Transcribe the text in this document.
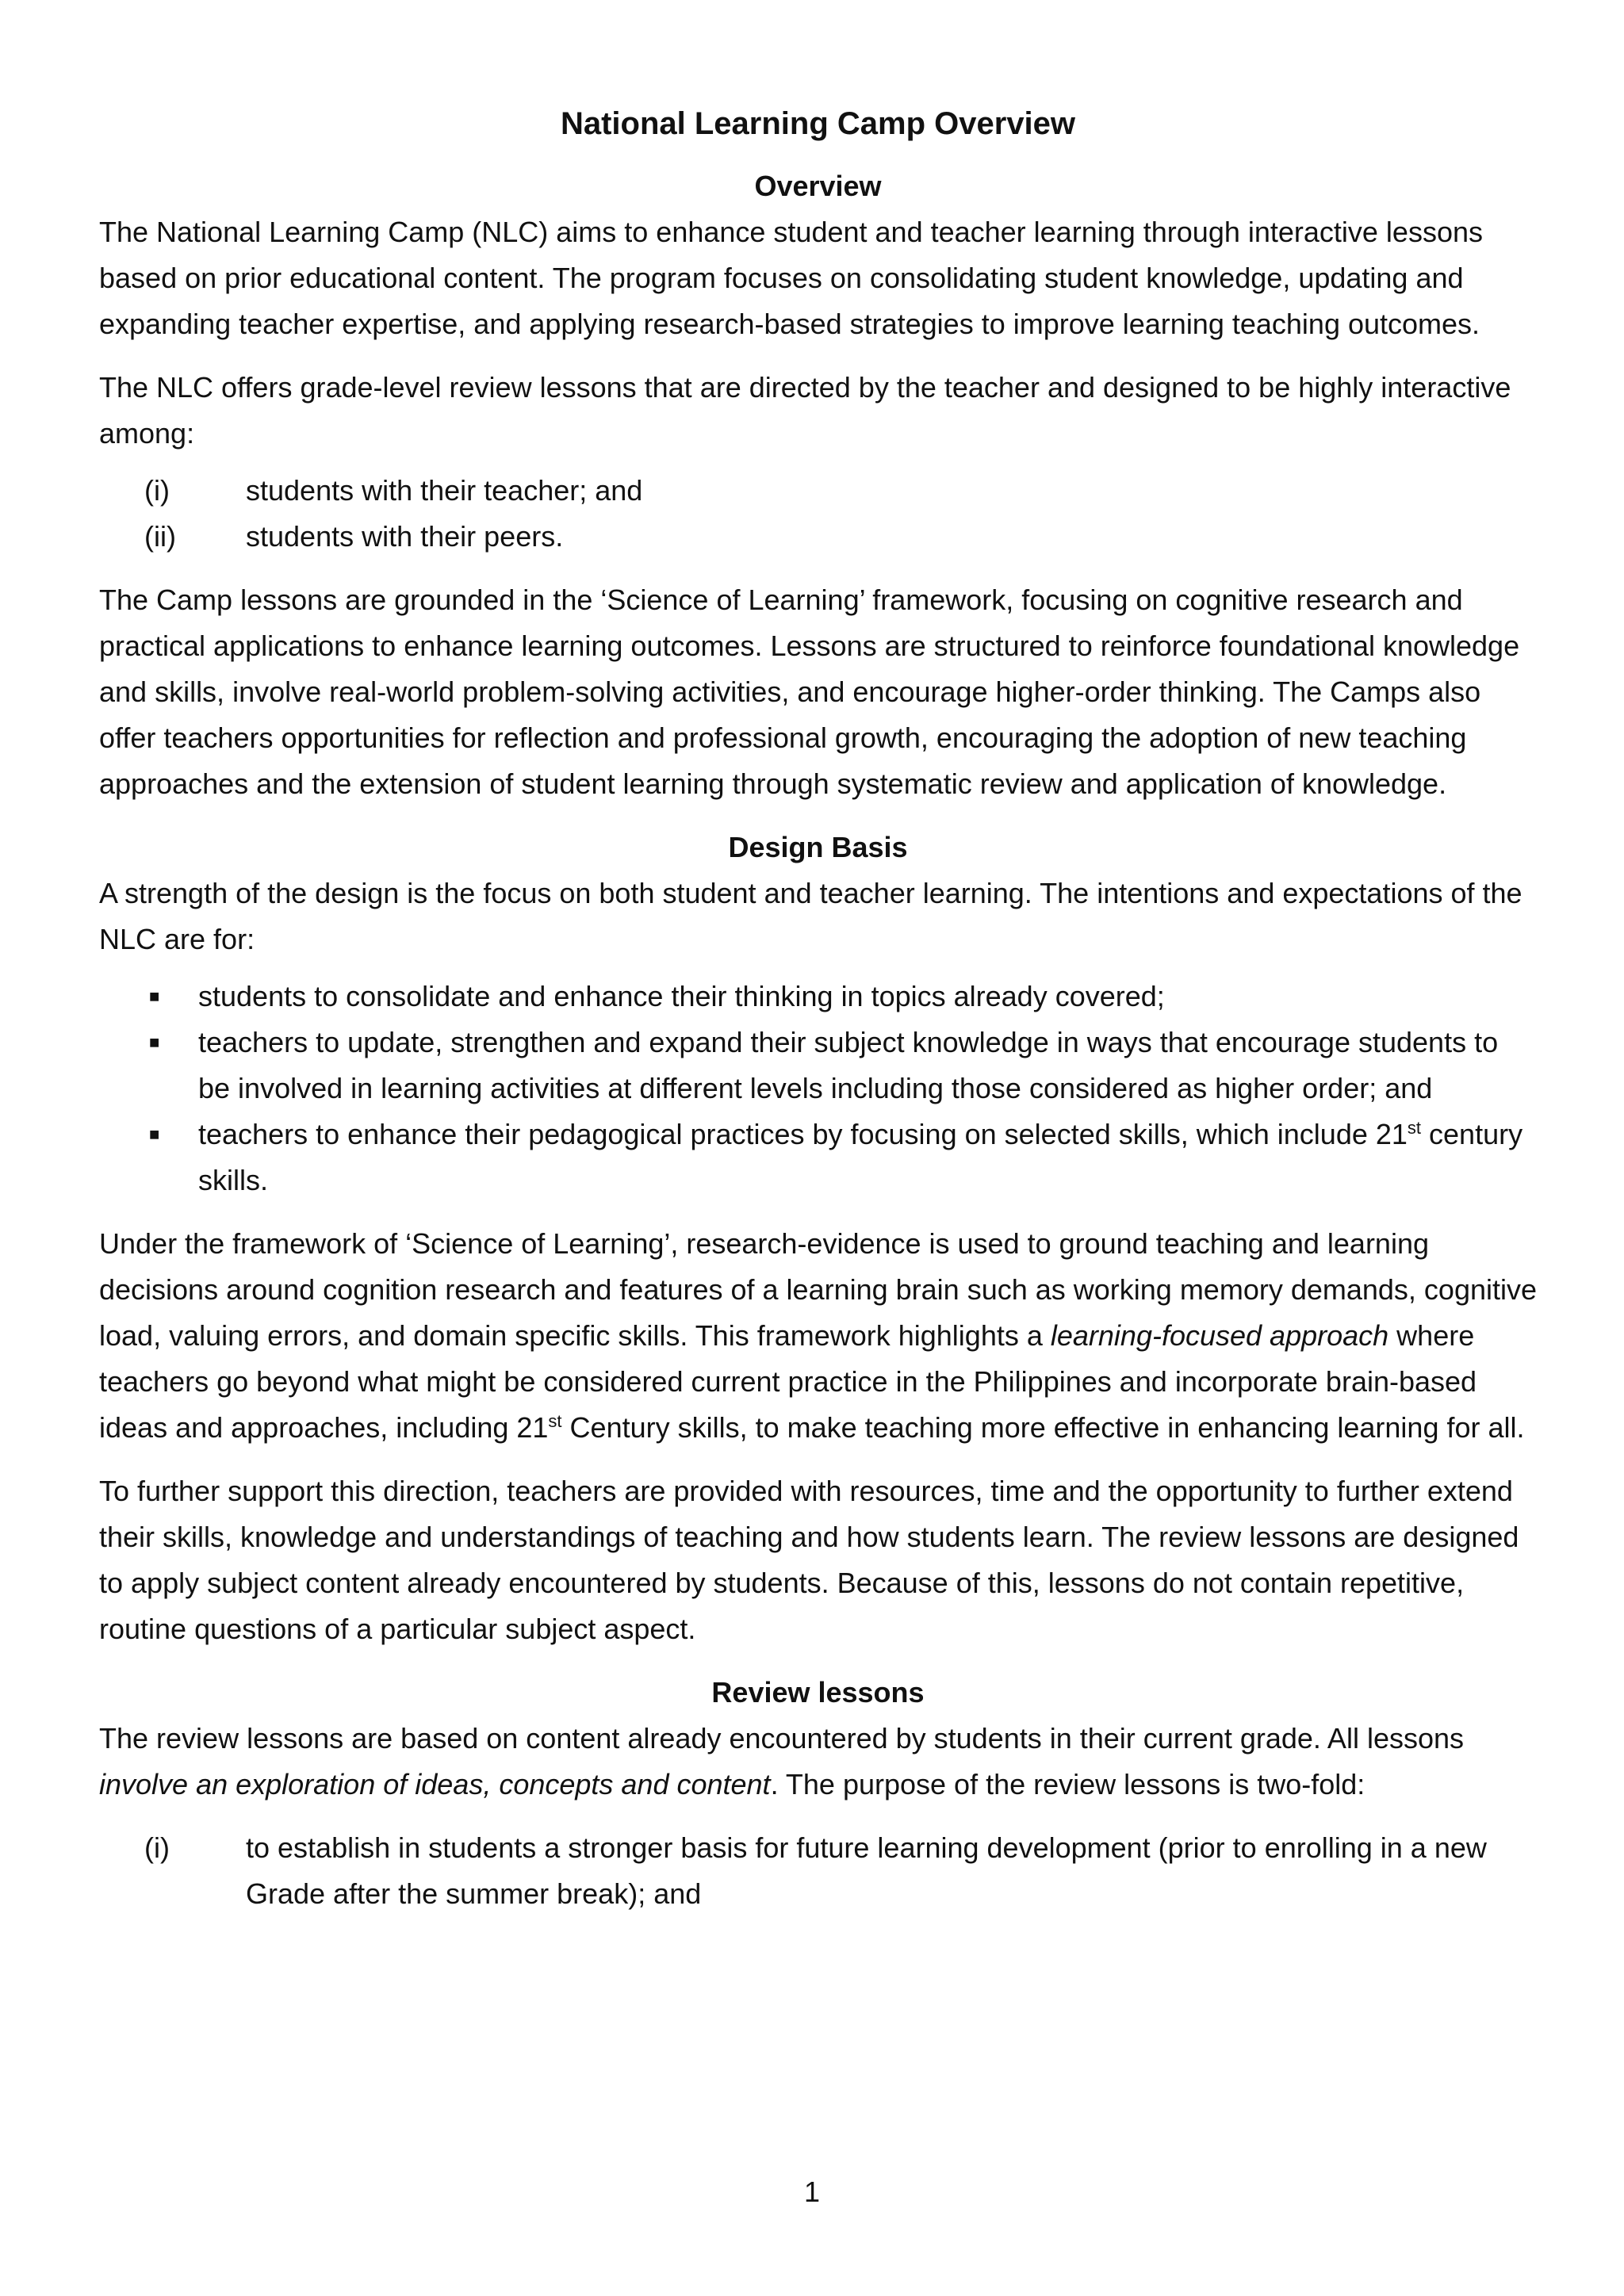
National Learning Camp Overview
Overview

The National Learning Camp (NLC) aims to enhance student and teacher learning through interactive lessons based on prior educational content. The program focuses on consolidating student knowledge, updating and expanding teacher expertise, and applying research-based strategies to improve learning teaching outcomes.

The NLC offers grade-level review lessons that are directed by the teacher and designed to be highly interactive among:

(i)	students with their teacher; and
(ii)	students with their peers.

The Camp lessons are grounded in the ‘Science of Learning’ framework, focusing on cognitive research and practical applications to enhance learning outcomes. Lessons are structured to reinforce foundational knowledge and skills, involve real-world problem-solving activities, and encourage higher-order thinking. The Camps also offer teachers opportunities for reflection and professional growth, encouraging the adoption of new teaching approaches and the extension of student learning through systematic review and application of knowledge.

Design Basis

A strength of the design is the focus on both student and teacher learning. The intentions and expectations of the NLC are for:

■	students to consolidate and enhance their thinking in topics already covered;
■	teachers to update, strengthen and expand their subject knowledge in ways that encourage students to be involved in learning activities at different levels including those considered as higher order; and
■	teachers to enhance their pedagogical practices by focusing on selected skills, which include 21st century skills.

Under the framework of ‘Science of Learning’, research-evidence is used to ground teaching and learning decisions around cognition research and features of a learning brain such as working memory demands, cognitive load, valuing errors, and domain specific skills. This framework highlights a learning-focused approach where teachers go beyond what might be considered current practice in the Philippines and incorporate brain-based ideas and approaches, including 21st Century skills, to make teaching more effective in enhancing learning for all.

To further support this direction, teachers are provided with resources, time and the opportunity to further extend their skills, knowledge and understandings of teaching and how students learn. The review lessons are designed to apply subject content already encountered by students. Because of this, lessons do not contain repetitive, routine questions of a particular subject aspect.

Review lessons

The review lessons are based on content already encountered by students in their current grade. All lessons involve an exploration of ideas, concepts and content. The purpose of the review lessons is two-fold:

(i)	to establish in students a stronger basis for future learning development (prior to enrolling in a new Grade after the summer break); and
1
